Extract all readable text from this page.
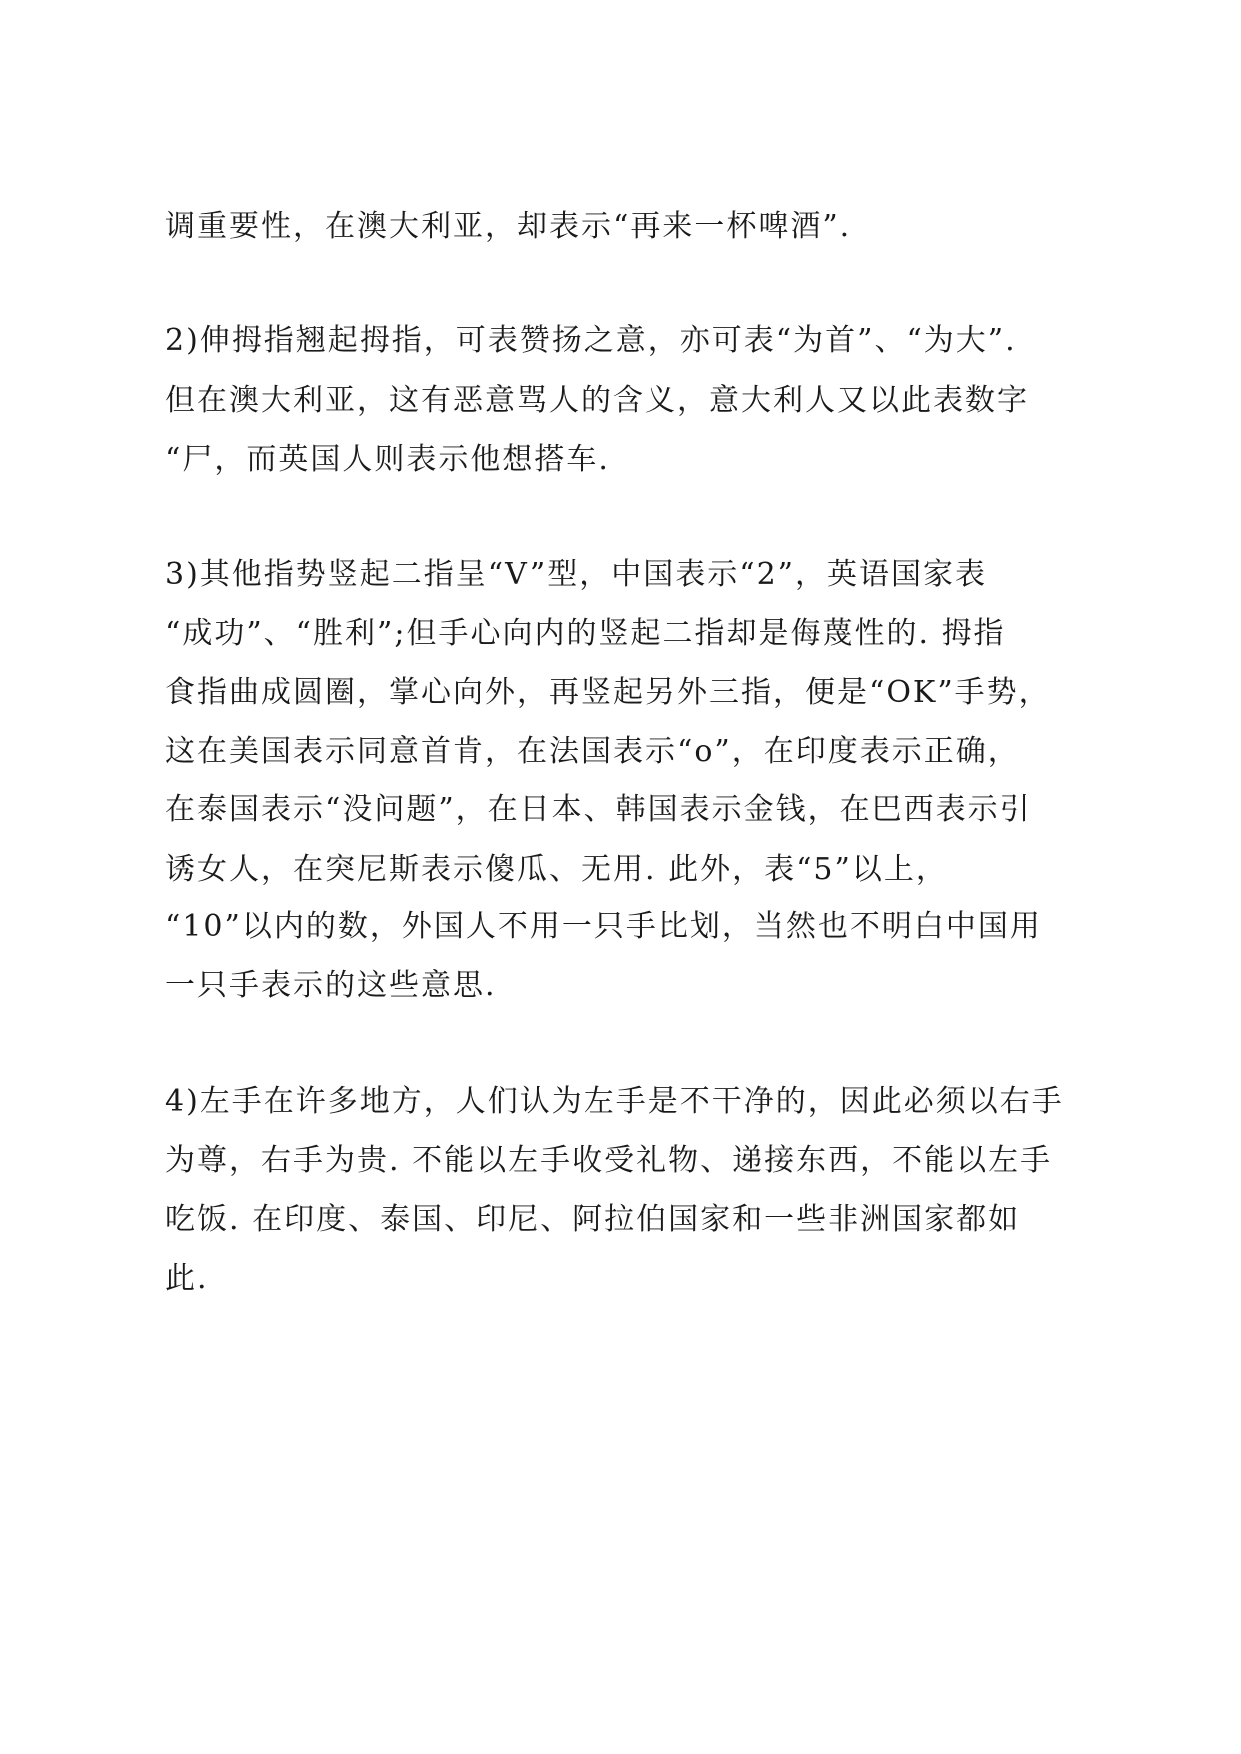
调重要性，在澳大利亚，却表示“再来一杯啤酒”.
2)伸拇指翘起拇指，可表赞扬之意，亦可表“为首”、“为大”.
但在澳大利亚，这有恶意骂人的含义，意大利人又以此表数字
“尸，而英国人则表示他想搭车.
3)其他指势竖起二指呈“V”型，中国表示“2”，英语国家表
“成功”、“胜利”;但手心向内的竖起二指却是侮蔑性的. 拇指
食指曲成圆圈，掌心向外，再竖起另外三指，便是“OK”手势，
这在美国表示同意首肯，在法国表示“o”，在印度表示正确，
在泰国表示“没问题”，在日本、韩国表示金钱，在巴西表示引
诱女人，在突尼斯表示傻瓜、无用. 此外，表“5”以上，
“10”以内的数，外国人不用一只手比划，当然也不明白中国用
一只手表示的这些意思.
4)左手在许多地方，人们认为左手是不干净的，因此必须以右手
为尊，右手为贵. 不能以左手收受礼物、递接东西，不能以左手
吃饭. 在印度、泰国、印尼、阿拉伯国家和一些非洲国家都如
此.
